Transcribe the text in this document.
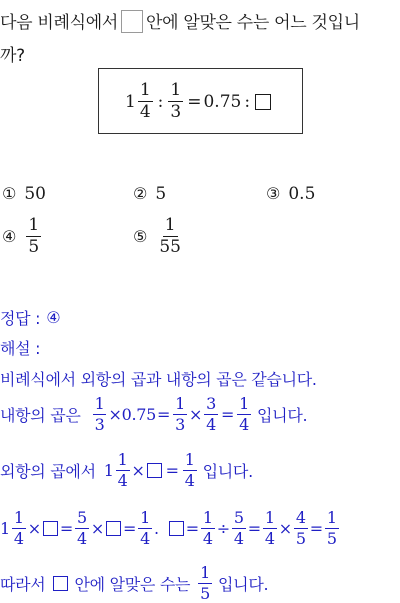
다음 비례식에서 안에 알맞은 수는 어느 것입니
까?
$1 \frac{1}{4}$ : $\frac{1}{3} = 0.75$ :
① 50	② 5	③ 0.5
④ $\frac{1}{5}$	⑤ $\frac{1}{55}$
정답 : ④
해설 :
비례식에서 외항의 곱과 내항의 곱은 같습니다.
내항의 곱은 $\frac{1}{3} \times 0.75 = \frac{1}{3} \times \frac{3}{4} = \frac{1}{4}$ 입니다.
외항의 곱에서 $1 \frac{1}{4}$ × = $\frac{1}{4}$ 입니다.
$1 \frac{1}{4}$ × = $\frac{5}{4}$ × = $\frac{1}{4}$ . = $\frac{1}{4} \div \frac{5}{4} = \frac{1}{4} \times \frac{4}{5} = \frac{1}{5}$
따라서 안에 알맞은 수는 $\frac{1}{5}$ 입니다.
